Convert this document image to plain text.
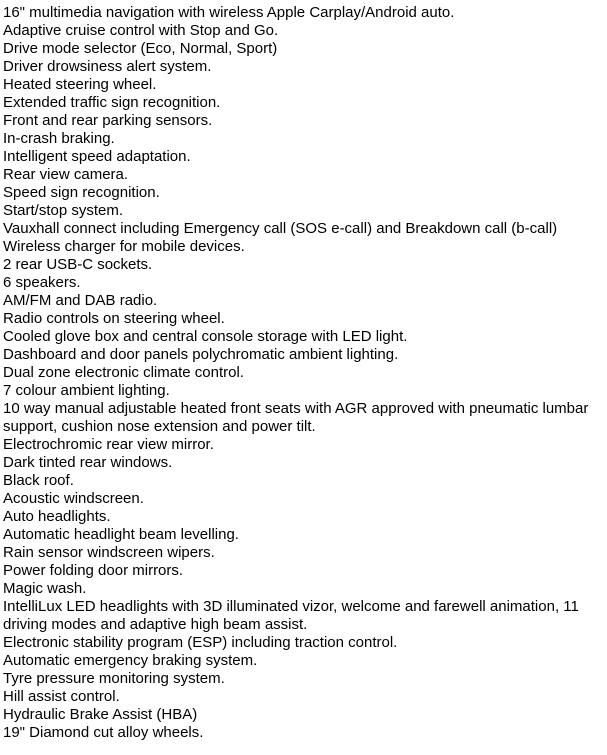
16" multimedia navigation with wireless Apple Carplay/Android auto.
Adaptive cruise control with Stop and Go.
Drive mode selector (Eco, Normal, Sport)
Driver drowsiness alert system.
Heated steering wheel.
Extended traffic sign recognition.
Front and rear parking sensors.
In-crash braking.
Intelligent speed adaptation.
Rear view camera.
Speed sign recognition.
Start/stop system.
Vauxhall connect including Emergency call (SOS e-call) and Breakdown call (b-call)
Wireless charger for mobile devices.
2 rear USB-C sockets.
6 speakers.
AM/FM and DAB radio.
Radio controls on steering wheel.
Cooled glove box and central console storage with LED light.
Dashboard and door panels polychromatic ambient lighting.
Dual zone electronic climate control.
7 colour ambient lighting.
10 way manual adjustable heated front seats with AGR approved with pneumatic lumbar support, cushion nose extension and power tilt.
Electrochromic rear view mirror.
Dark tinted rear windows.
Black roof.
Acoustic windscreen.
Auto headlights.
Automatic headlight beam levelling.
Rain sensor windscreen wipers.
Power folding door mirrors.
Magic wash.
IntelliLux LED headlights with 3D illuminated vizor, welcome and farewell animation, 11 driving modes and adaptive high beam assist.
Electronic stability program (ESP) including traction control.
Automatic emergency braking system.
Tyre pressure monitoring system.
Hill assist control.
Hydraulic Brake Assist (HBA)
19" Diamond cut alloy wheels.
